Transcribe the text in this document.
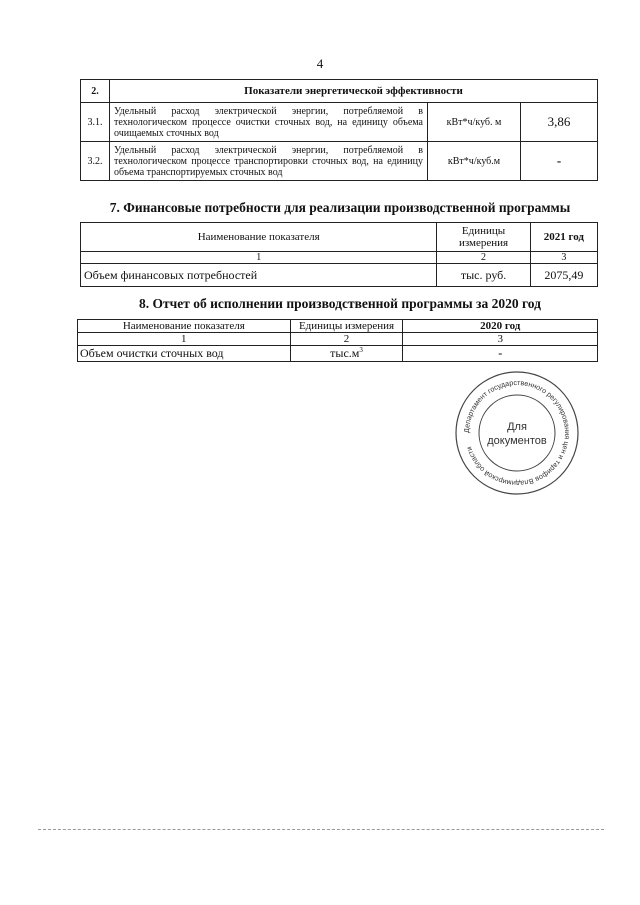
4
2.	Показатели энергетической эффективности		
3.1.	Удельный расход электрической энергии, потребляемой в технологическом процессе очистки сточных вод, на единицу объема очищаемых сточных вод	кВт*ч/куб. м	3,86
3.2.	Удельный расход электрической энергии, потребляемой в технологическом процессе транспортировки сточных вод, на единицу объема транспортируемых сточных вод	кВт*ч/куб.м	-
7. Финансовые потребности для реализации производственной программы
Наименование показателя	Единицы измерения	2021 год
1	2	3
Объем финансовых потребностей	тыс. руб.	2075,49
8. Отчет об исполнении производственной программы за 2020 год
Наименование показателя	Единицы измерения	2020 год
1	2	3
Объем очистки сточных вод	$тыс.м^3$	-
Департамент государственного регулирования цен и тарифов Владимирской области
Для
документов
